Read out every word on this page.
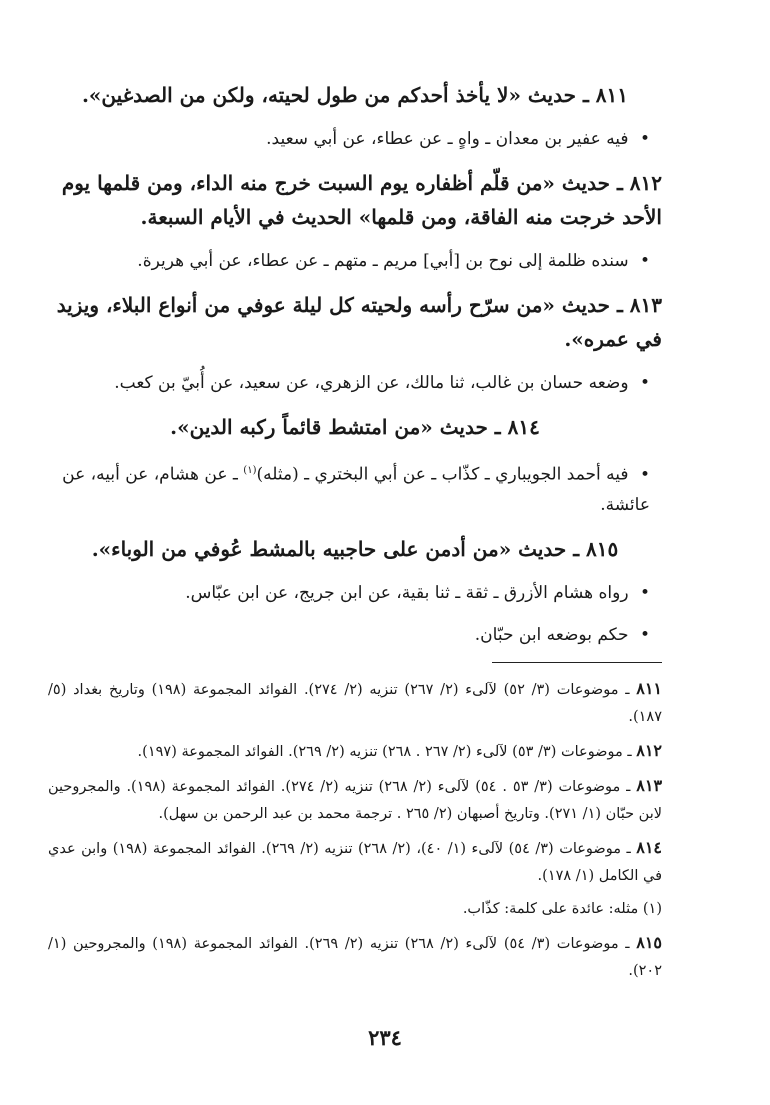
٨١١ ـ حديث «لا يأخذ أحدكم من طول لحيته، ولكن من الصدغين».

• فيه عفير بن معدان ـ واهٍ ـ عن عطاء، عن أبي سعيد.

٨١٢ ـ حديث «من قلّم أظفاره يوم السبت خرج منه الداء، ومن قلمها يوم الأحد خرجت منه الفاقة، ومن قلمها» الحديث في الأيام السبعة.

• سنده ظلمة إلى نوح بن [أبي] مريم ـ متهم ـ عن عطاء، عن أبي هريرة.

٨١٣ ـ حديث «من سرّح رأسه ولحيته كل ليلة عوفي من أنواع البلاء، ويزيد في عمره».

• وضعه حسان بن غالب، ثنا مالك، عن الزهري، عن سعيد، عن أُبيّ بن كعب.

٨١٤ ـ حديث «من امتشط قائماً ركبه الدين».

• فيه أحمد الجويباري ـ كذّاب ـ عن أبي البختري ـ (مثله)$^{(١)}$ ـ عن هشام، عن أبيه، عن عائشة.

٨١٥ ـ حديث «من أدمن على حاجبيه بالمشط عُوفي من الوباء».

• رواه هشام الأزرق ـ ثقة ـ ثنا بقية، عن ابن جريج، عن ابن عبّاس.

• حكم بوضعه ابن حبّان.

٨١١ ـ موضوعات (٣/ ٥٢) لآلىء (٢/ ٢٦٧) تنزيه (٢/ ٢٧٤). الفوائد المجموعة (١٩٨) وتاريخ بغداد (٥/ ١٨٧).

٨١٢ ـ موضوعات (٣/ ٥٣) لآلىء (٢/ ٢٦٧ . ٢٦٨) تنزيه (٢/ ٢٦٩). الفوائد المجموعة (١٩٧).

٨١٣ ـ موضوعات (٣/ ٥٣ . ٥٤) لآلىء (٢/ ٢٦٨) تنزيه (٢/ ٢٧٤). الفوائد المجموعة (١٩٨). والمجروحين لابن حبّان (١/ ٢٧١). وتاريخ أصبهان (٢/ ٢٦٥ . ترجمة محمد بن عبد الرحمن بن سهل).

٨١٤ ـ موضوعات (٣/ ٥٤) لآلىء (١/ ٤٠)، (٢/ ٢٦٨) تنزيه (٢/ ٢٦٩). الفوائد المجموعة (١٩٨) وابن عدي في الكامل (١/ ١٧٨).

(١) مثله: عائدة على كلمة: كذّاب.

٨١٥ ـ موضوعات (٣/ ٥٤) لآلىء (٢/ ٢٦٨) تنزيه (٢/ ٢٦٩). الفوائد المجموعة (١٩٨) والمجروحين (١/ ٢٠٢).

٢٣٤
